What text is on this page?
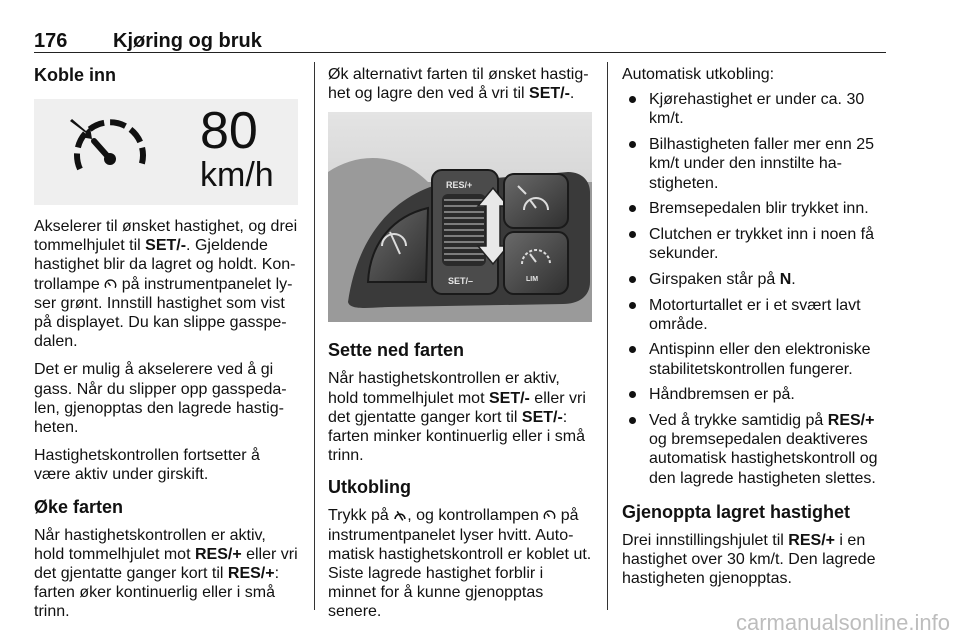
176 Kjøring og bruk
Koble inn
80
km/h

Akselerer til ønsket hastighet, og drei tommelhjulet til SET/-. Gjeldende hastighet blir da lagret og holdt. Kontrollampe  på instrumentpanelet lyser grønt. Innstill hastighet som vist på displayet. Du kan slippe gasspedalen.

Det er mulig å akselerere ved å gi gass. Når du slipper opp gasspedalen, gjenopptas den lagrede hastigheten.

Hastighetskontrollen fortsetter å være aktiv under girskift.

Øke farten

Når hastighetskontrollen er aktiv, hold tommelhjulet mot RES/+ eller vri det gjentatte ganger kort til RES/+: farten øker kontinuerlig eller i små trinn.

Øk alternativt farten til ønsket hastighet og lagre den ved å vri til SET/-.

RES/+
SET/–	LIM
Sette ned farten

Når hastighetskontrollen er aktiv, hold tommelhjulet mot SET/- eller vri det gjentatte ganger kort til SET/-: farten minker kontinuerlig eller i små trinn.

Utkobling

Trykk på , og kontrollampen  på instrumentpanelet lyser hvitt. Automatisk hastighetskontroll er koblet ut. Siste lagrede hastighet forblir i minnet for å kunne gjenopptas senere.

Automatisk utkobling:

Kjørehastighet er under ca. 30 km/t.
Bilhastigheten faller mer enn 25 km/t under den innstilte hastigheten.
Bremsepedalen blir trykket inn.
Clutchen er trykket inn i noen få sekunder.
Girspaken står på N.
Motorturtallet er i et svært lavt område.
Antispinn eller den elektroniske stabilitetskontrollen fungerer.
Håndbremsen er på.
Ved å trykke samtidig på RES/+ og bremsepedalen deaktiveres automatisk hastighetskontroll og den lagrede hastigheten slettes.
Gjenoppta lagret hastighet

Drei innstillingshjulet til RES/+ i en hastighet over 30 km/t. Den lagrede hastigheten gjenopptas.

carmanualsonline.info
